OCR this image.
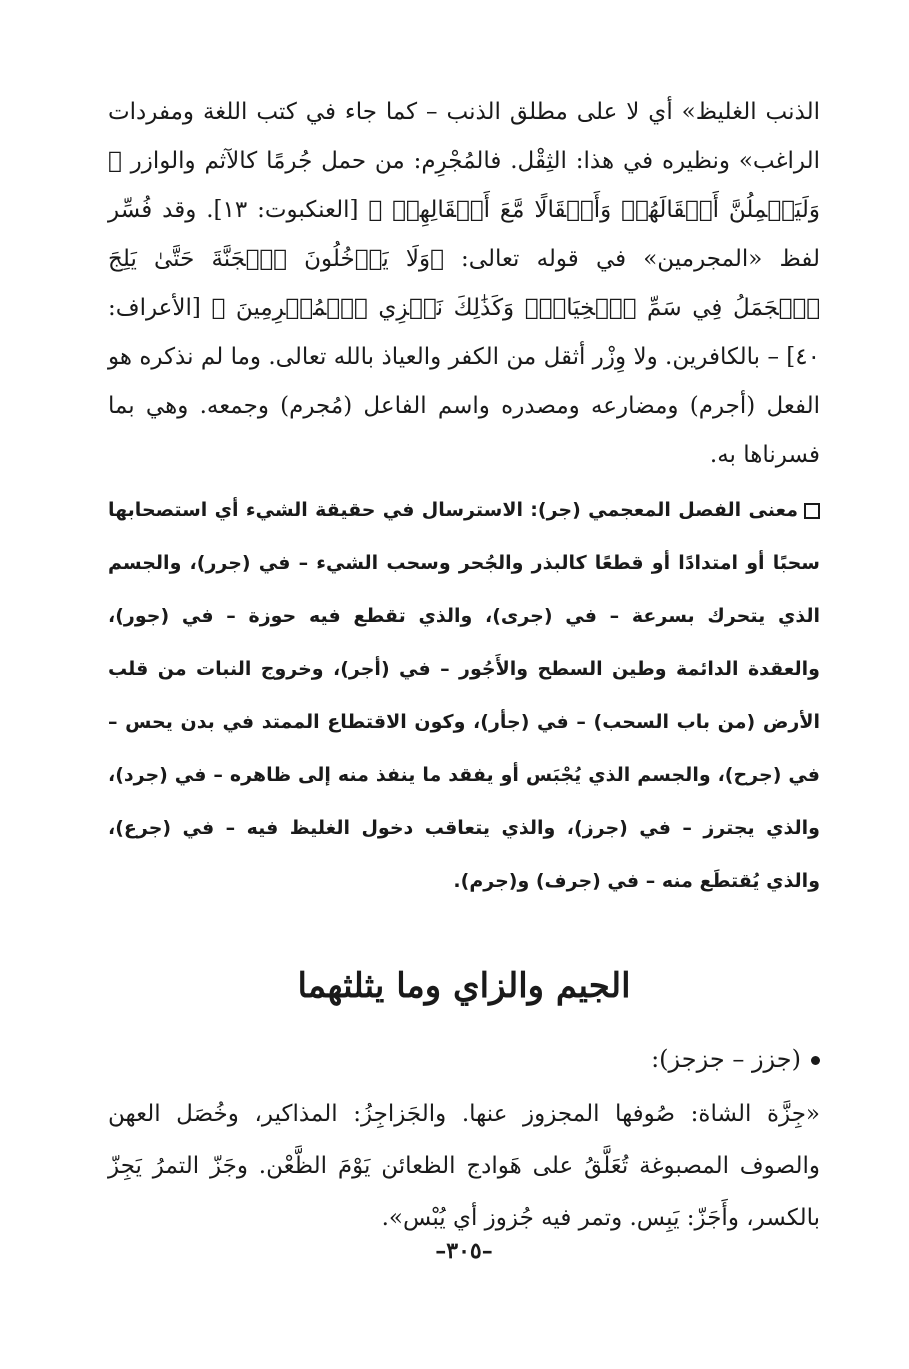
الذنب الغليظ» أي لا على مطلق الذنب – كما جاء في كتب اللغة ومفردات الراغب» ونظيره في هذا: الثِقْل. فالمُجْرِم: من حمل جُرمًا كالآثم والوازر ﴿ وَلَيَحۡمِلُنَّ أَثۡقَالَهُمۡ وَأَثۡقَالًا مَّعَ أَثۡقَالِهِمۡ ﴾ [العنكبوت: ١٣]. وقد فُسِّر لفظ «المجرمين» في قوله تعالى: ﴿وَلَا يَدۡخُلُونَ ٱلۡجَنَّةَ حَتَّىٰ يَلِجَ ٱلۡجَمَلُ فِي سَمِّ ٱلۡخِيَاطِۚ وَكَذَٰلِكَ نَجۡزِي ٱلۡمُجۡرِمِينَ ﴾ [الأعراف: ٤٠] – بالكافرين. ولا وِزْر أثقل من الكفر والعياذ بالله تعالى. وما لم نذكره هو الفعل (أجرم) ومضارعه ومصدره واسم الفاعل (مُجرم) وجمعه. وهي بما فسرناها به.

معنى الفصل المعجمي (جر): الاسترسال في حقيقة الشيء أي استصحابها سحبًا أو امتدادًا أو قطعًا كالبذر والجُحر وسحب الشيء – في (جرر)، والجسم الذي يتحرك بسرعة – في (جرى)، والذي تقطع فيه حوزة – في (جور)، والعقدة الدائمة وطين السطح والأَجُور – في (أجر)، وخروج النبات من قلب الأرض (من باب السحب) – في (جأر)، وكون الاقتطاع الممتد في بدن يحس – في (جرح)، والجسم الذي يُجْبَس أو يفقد ما ينفذ منه إلى ظاهره – في (جرد)، والذي يجترز – في (جرز)، والذي يتعاقب دخول الغليظ فيه – في (جرع)، والذي يُقتطَع منه – في (جرف) و(جرم).

الجيم والزاي وما يثلثهما
(جزز – جزجز):

«جِزَّة الشاة: صُوفها المجزوز عنها. والجَزاجِزُ: المذاكير، وخُصَل العهن والصوف المصبوغة تُعَلَّقُ على هَوادج الظعائن يَوْمَ الظَّعْن. وجَزّ التمرُ يَجِزّ بالكسر، وأَجَزّ: يَبِس. وتمر فيه جُزوز أي يُبْس».

–٣٠٥–
